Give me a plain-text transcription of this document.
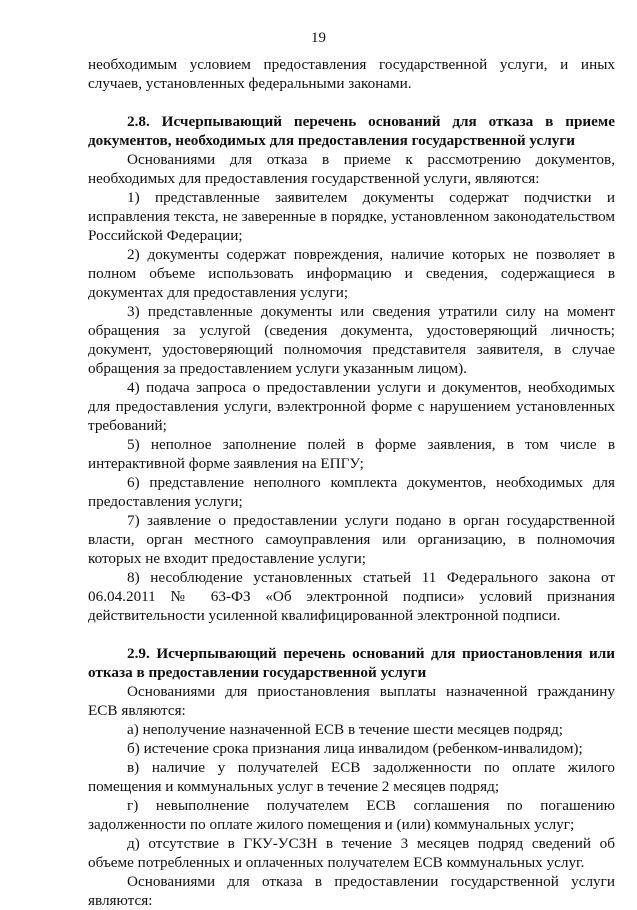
19

необходимым условием предоставления государственной услуги, и иных случаев, установленных федеральными законами.

2.8. Исчерпывающий перечень оснований для отказа в приеме документов, необходимых для предоставления государственной услуги

Основаниями для отказа в приеме к рассмотрению документов, необходимых для предоставления государственной услуги, являются:

1) представленные заявителем документы содержат подчистки и исправления текста, не заверенные в порядке, установленном законодательством Российской Федерации;

2) документы содержат повреждения, наличие которых не позволяет в полном объеме использовать информацию и сведения, содержащиеся в документах для предоставления услуги;

3) представленные документы или сведения утратили силу на момент обращения за услугой (сведения документа, удостоверяющий личность; документ, удостоверяющий полномочия представителя заявителя, в случае обращения за предоставлением услуги указанным лицом).

4) подача запроса о предоставлении услуги и документов, необходимых для предоставления услуги, вэлектронной форме с нарушением установленных требований;

5) неполное заполнение полей в форме заявления, в том числе в интерактивной форме заявления на ЕПГУ;

6) представление неполного комплекта документов, необходимых для предоставления услуги;

7) заявление о предоставлении услуги подано в орган государственной власти, орган местного самоуправления или организацию, в полномочия которых не входит предоставление услуги;

8) несоблюдение установленных статьей 11 Федерального закона от 06.04.2011 № 63-ФЗ «Об электронной подписи» условий признания действительности усиленной квалифицированной электронной подписи.

2.9. Исчерпывающий перечень оснований для приостановления или отказа в предоставлении государственной услуги

Основаниями для приостановления выплаты назначенной гражданину ЕСВ являются:

а) неполучение назначенной ЕСВ в течение шести месяцев подряд;

б) истечение срока признания лица инвалидом (ребенком-инвалидом);

в) наличие у получателей ЕСВ задолженности по оплате жилого помещения и коммунальных услуг в течение 2 месяцев подряд;

г) невыполнение получателем ЕСВ соглашения по погашению задолженности по оплате жилого помещения и (или) коммунальных услуг;

д) отсутствие в ГКУ-УСЗН в течение 3 месяцев подряд сведений об объеме потребленных и оплаченных получателем ЕСВ коммунальных услуг.

Основаниями для отказа в предоставлении государственной услуги являются:
